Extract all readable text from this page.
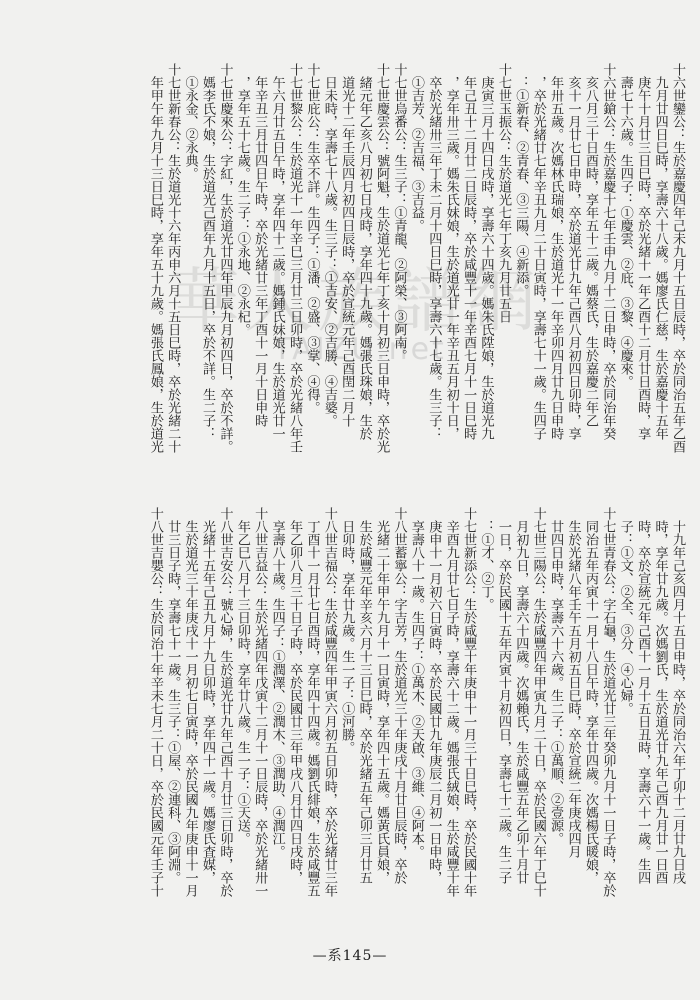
華人族譜網
TAIZU.net	十六世鑾公：生於嘉慶四年己未九月十五日辰時，卒於同治五年乙酉
　九月廿四日巳時，享壽六十八歲。媽廖氏仁慈，生於嘉慶十五年
　庚午十月廿三日巳時，卒於光緒十一年乙酉十二月廿日酉時，享
　壽七十六歲。生四子：①慶雲、②庇、③黎、④慶來。
十六世鎗公：生於嘉慶十七年壬申九月十二日申時，卒於同治年癸
　亥八月三十日酉時，享年五十二歲。媽蔡氏，生於嘉慶二年乙
　亥十一月廿七日申時，卒於道光廿九年己酉八月初四日卯時，享
　年卅五歲。次媽林氏瑞娘，生於道光十一年辛卯四月廿九日申時
　，卒於光緒廿七年辛丑九月二十日寅時，享壽七十一歲。生四子
　：①新春、②青春、③三陽、④新添。
十七世玉振公：生於道光七年丁亥九月廿五日
　庚寅三月十四日戌時，享壽六十四歲。媽朱氏陞娘，生於道光九
　年己丑十二月廿二日辰時，卒於咸豐十一年辛酉七月十一日巳時
　，享年卅三歲。媽朱氏妹娘，生於道光廿一年辛丑五月初十日，
　卒於光緒卅三年丁未二月十四日巳時，享壽六十七歲。生三子：
　①吉芳、②吉福、③吉益。
十七世烏番公：生三子：①青龍、②阿榮、③阿南。
十七世慶雲公：號阿魁，生於道光七年丁亥十月初三日申時，卒於光
　緒元年乙亥八月初七日戌時，享年四十九歲。媽張氏珠娘，生於
　道光十二年壬辰四月初四日辰時，卒於宣統元年己酉閏二月十
　日未時，享壽七十八歲。生三子：①吉安、②吉勝、④吉婆。
十七世庇公：生卒不詳。生四子：①潘、②盛、③掌、④得。
十七世黎公：生於道光十一年辛巳三月廿三日卯時，卒於光緒八年壬
　午六月廿五日午時，享年四十二歲。媽鍾氏妹娘，生於道光廿一
　年辛丑三月廿四日午時，卒於光緒廿三年丁酉十一月十日申時
　，享年五十七歲。生二子：①永地、②永杞。
十七世慶來公：字紅，生於道光廿四年甲辰九月初四日，卒於不詳。
　媽李氏不娘，生於道光己酉年九月十五日，卒於不詳。生二子：
　①永金、②永典。
十七世新春公：生於道光十六年丙申六月十五日巳時，卒於光緒二十
　年甲午年九月十三日巳時，享年五十九歲。媽張氏鳳娘，生於道光
　十九年己亥四月十五日申時，卒於同治六年丁卯十二月廿九日戌
　時，享年廿九歲。次媽劉氏，生於道光廿九年己酉九月廿一日酉
　時，卒於宣統元年己酉十一月十五日丑時，享壽六十一歲。生四
　子：①文、②全、③分、④心婦。
十七世青春公：字石龜，生於道光廿三年癸卯九月十一日子時，卒於
　同治五年丙寅十一月十八日午時，享年廿四歲。次媽楊氏暖娘，
　生於光緒八年壬午五月初五日巳時，卒於宣統二年庚戌四月
　廿四日申時，享壽六十六歲。生二子：①萬順、②壹源。
十七世三陽公：生於咸豐四年甲寅九月二十日，卒於民國六年丁巳十
　月初九日，享壽六十四歲。次媽賴氏，生於咸豐五年乙卯十月廿
　一日，卒於民國十五年丙寅十月初四日，享壽七十二歲。生二子
　：①才、②丁。
十七世新添公：生於咸豐十年庚申十一月三十日巳時，卒於民國十年
　辛酉九月廿七日子時，享壽六十二歲。媽張氏絨娘，生於咸豐十年
　庚申十一月初六日寅時，卒於民國廿九年庚辰二月初一日申時，
　享壽八十一歲。生四子：①萬木、②天啟、③維、④阿本。
十八世蓄寧公：字吉芳，生於道光三十年庚戌十月廿日辰時，卒於
　光緒二十年甲午九月十一日寅時，享年四十五歲。媽黃氏員娘，
　生於咸豐元年辛亥六月十三日巳時，卒於光緒五年己卯三月廿五
　日卯時，享年廿九歲。生一子：①河勝。
十八世吉福公：生於咸豐四年甲寅六月初五日卯時，卒於光緒廿三年
　丁酉十一月廿七日酉時，享年四十四歲。媽劉氏緋娘，生於咸豐五
　年乙卯八月三十日子時，卒於民國廿三年甲戌八月廿四日戌時，
　享壽八十歲。生四子：①潤澤、②潤木、③潤助、④潤江。
十八世吉益公：生於光緒四年戊寅十二月十一日辰時，卒於光緒卅一
　年乙巳八月十三日卯時，享年廿八歲。生一子：①天送。
十八世吉安公：號心婦，生於道光廿九年己酉十月廿三日卯時，卒於
　光緒十五年己丑九月十九日卯時，享年四十一歲。媽廖氏査媒，
　生於道光三十年庚戌十一月初七日寅時，卒於民國九年庚申十一月
　廿三日子時，享壽七十一歲。生三子：①屋、②連科、③阿淵。
十八世吉嬰公：生於同治十年辛未七月二十日，卒於民國元年壬子十
—系145—
